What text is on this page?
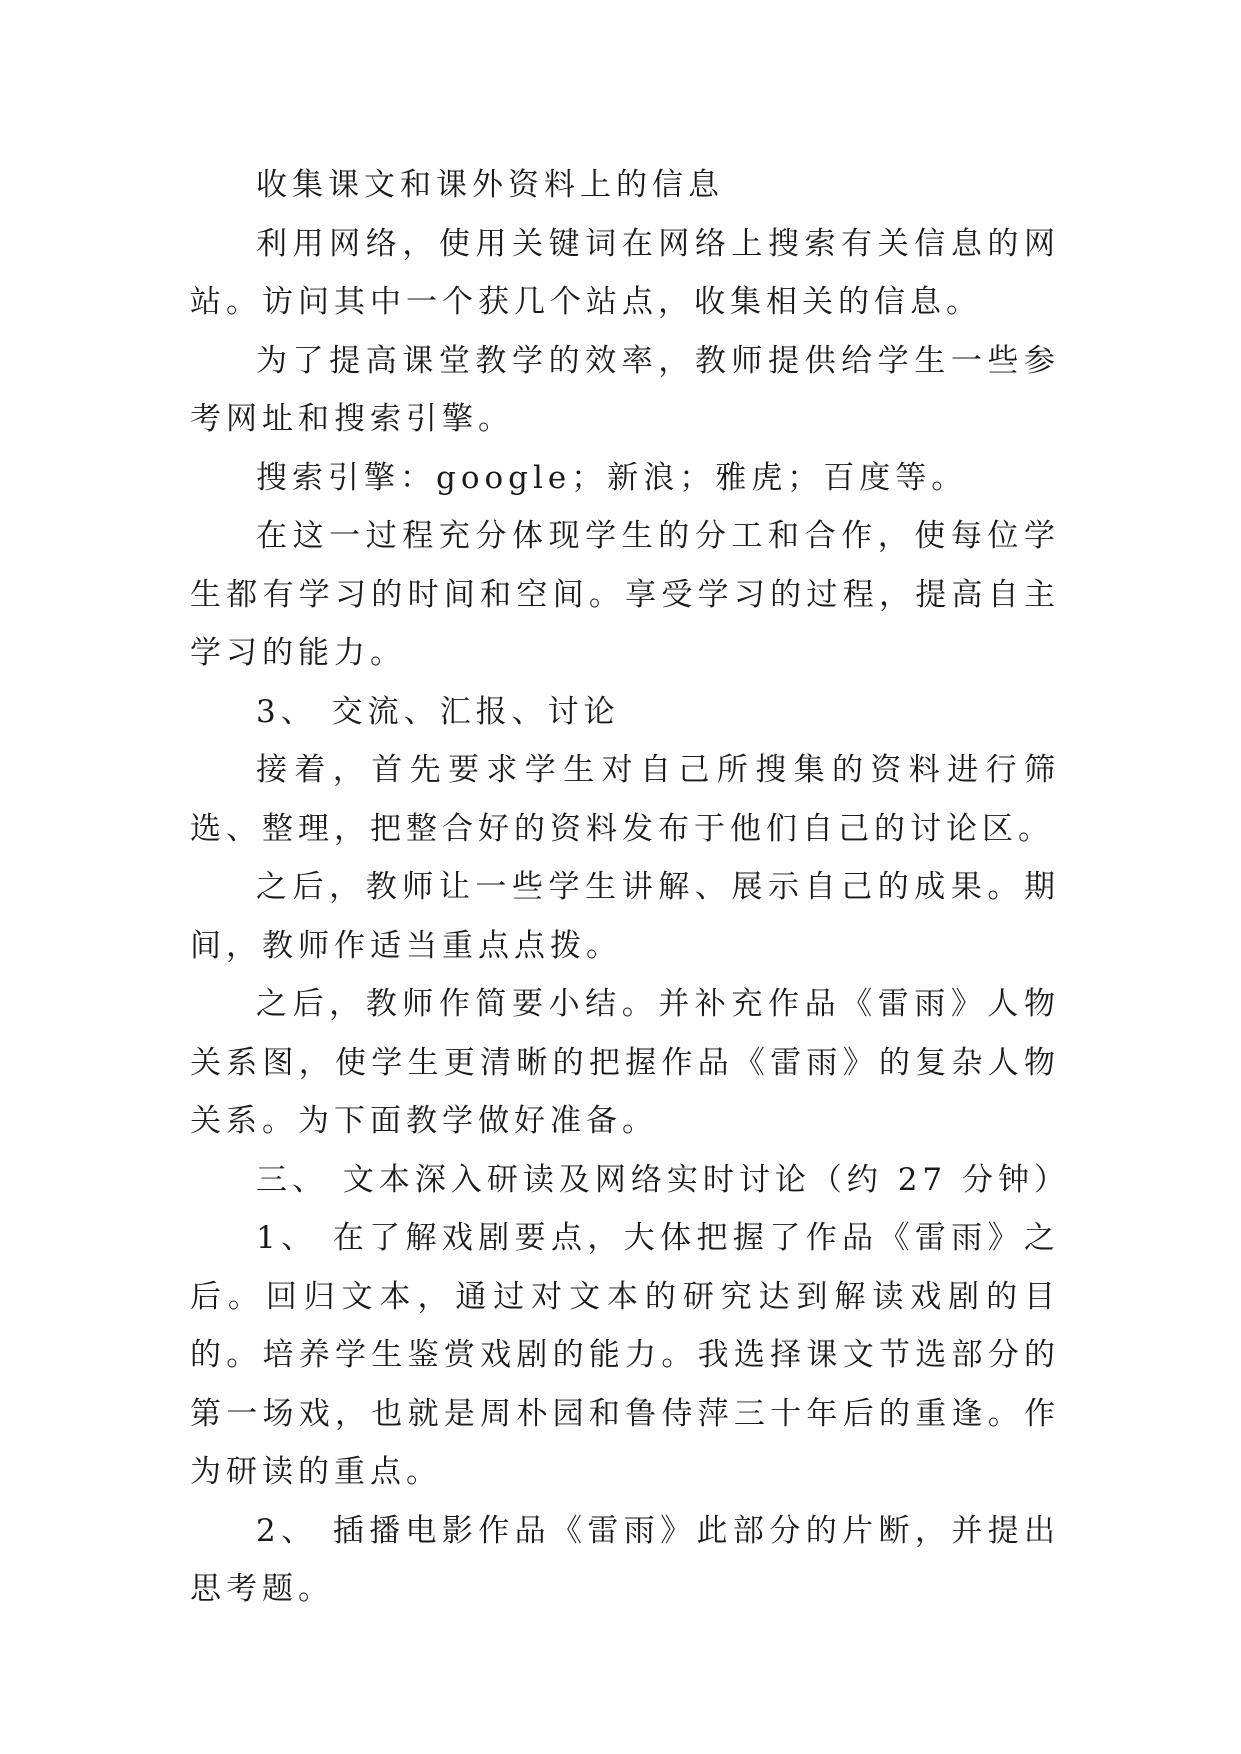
收集课文和课外资料上的信息

利用网络，使用关键词在网络上搜索有关信息的网站。访问其中一个获几个站点，收集相关的信息。

为了提高课堂教学的效率，教师提供给学生一些参考网址和搜索引擎。

搜索引擎：google；新浪；雅虎；百度等。

在这一过程充分体现学生的分工和合作，使每位学生都有学习的时间和空间。享受学习的过程，提高自主学习的能力。

3、 交流、汇报、讨论

接着，首先要求学生对自己所搜集的资料进行筛选、整理，把整合好的资料发布于他们自己的讨论区。

之后，教师让一些学生讲解、展示自己的成果。期间，教师作适当重点点拨。

之后，教师作简要小结。并补充作品《雷雨》人物关系图，使学生更清晰的把握作品《雷雨》的复杂人物关系。为下面教学做好准备。

三、 文本深入研读及网络实时讨论（约 27 分钟）

1、 在了解戏剧要点，大体把握了作品《雷雨》之后。回归文本，通过对文本的研究达到解读戏剧的目的。培养学生鉴赏戏剧的能力。我选择课文节选部分的第一场戏，也就是周朴园和鲁侍萍三十年后的重逢。作为研读的重点。

2、 插播电影作品《雷雨》此部分的片断，并提出思考题。
